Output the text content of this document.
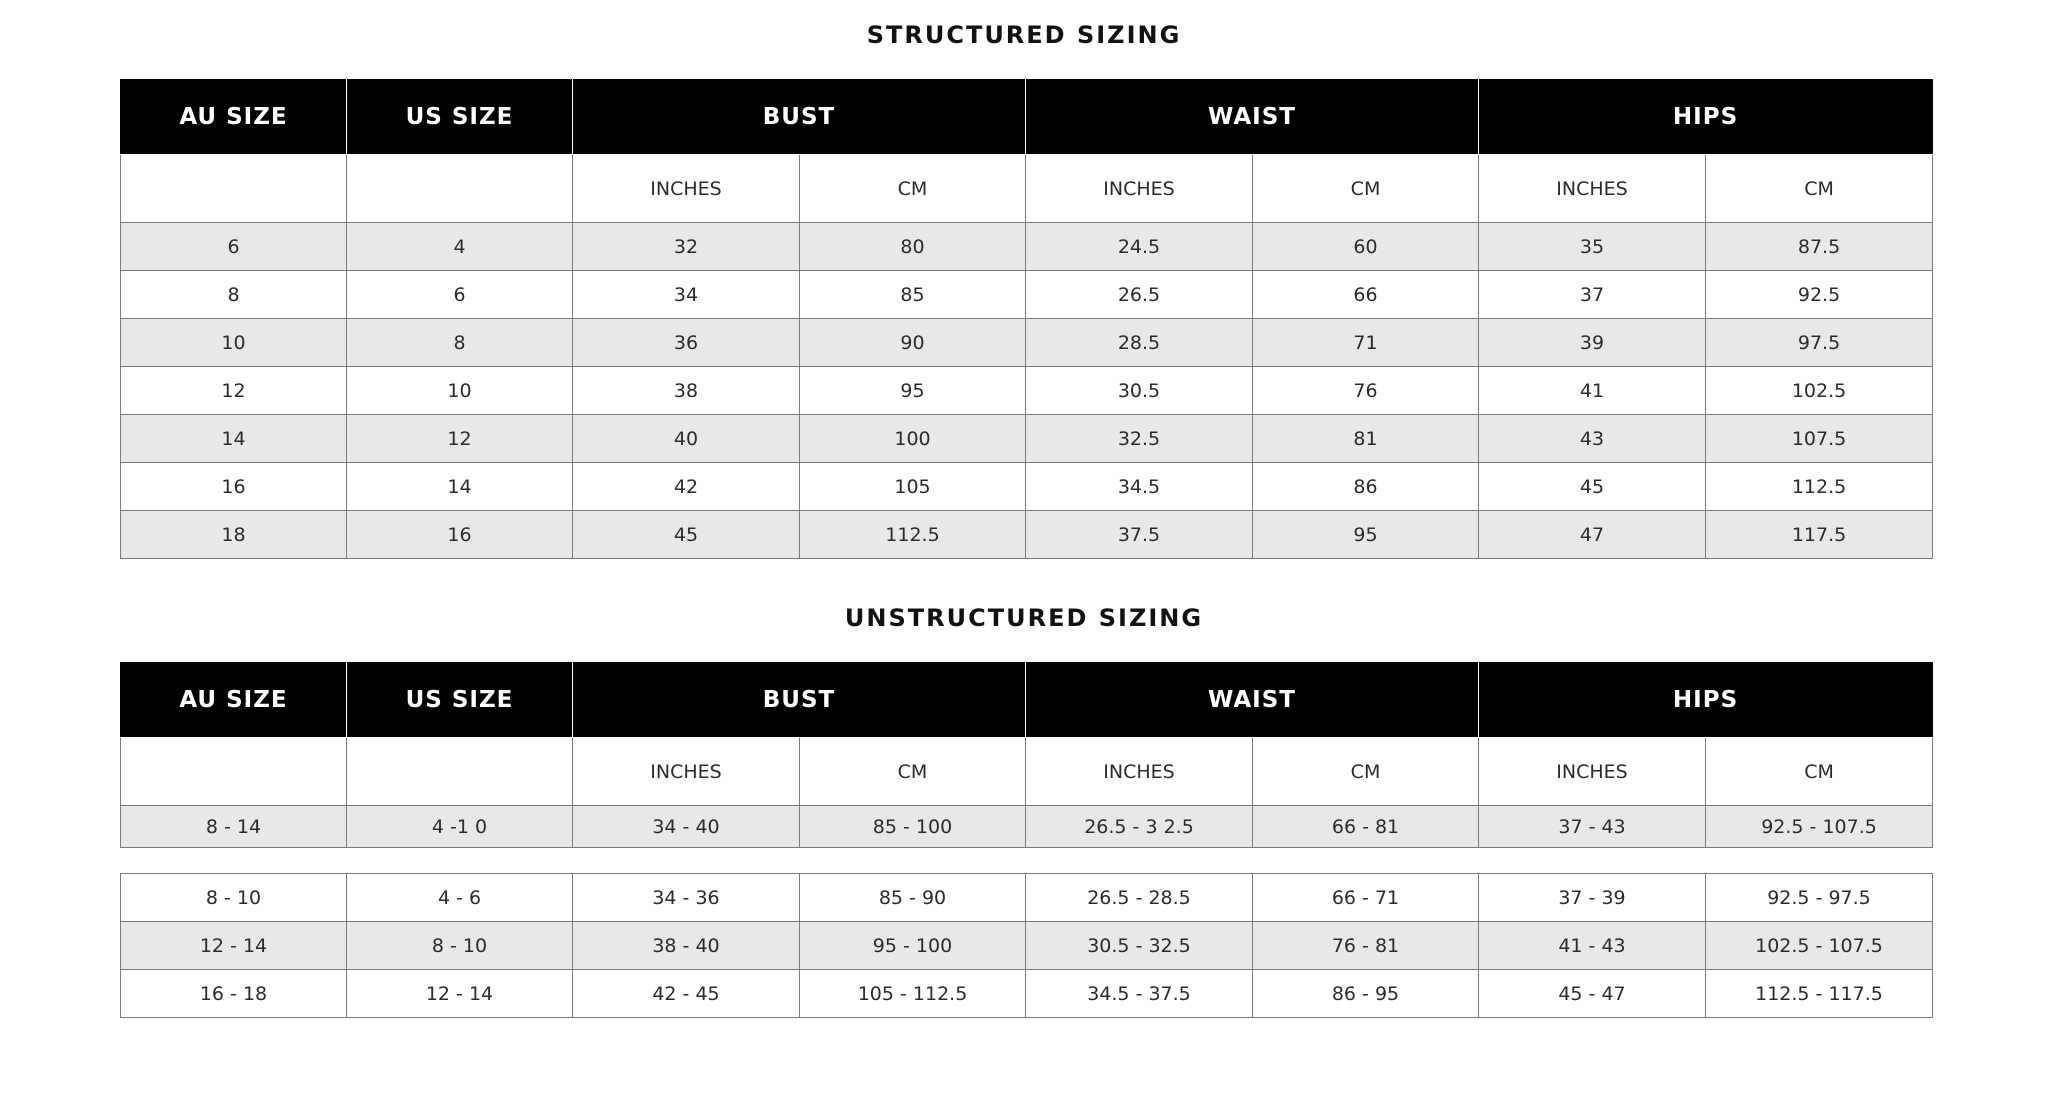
STRUCTURED SIZING
AU SIZE	US SIZE	BUST		WAIST		HIPS	
		INCHES	CM	INCHES	CM	INCHES	CM
6	4	32	80	24.5	60	35	87.5
8	6	34	85	26.5	66	37	92.5
10	8	36	90	28.5	71	39	97.5
12	10	38	95	30.5	76	41	102.5
14	12	40	100	32.5	81	43	107.5
16	14	42	105	34.5	86	45	112.5
18	16	45	112.5	37.5	95	47	117.5
UNSTRUCTURED SIZING
AU SIZE	US SIZE	BUST		WAIST		HIPS	
		INCHES	CM	INCHES	CM	INCHES	CM
8 - 14	4 -1 0	34 - 40	85 - 100	26.5 - 3 2.5	66 - 81	37 - 43	92.5 - 107.5
8 - 10	4 - 6	34 - 36	85 - 90	26.5 - 28.5	66 - 71	37 - 39	92.5 - 97.5
12 - 14	8 - 10	38 - 40	95 - 100	30.5 - 32.5	76 - 81	41 - 43	102.5 - 107.5
16 - 18	12 - 14	42 - 45	105 - 112.5	34.5 - 37.5	86 - 95	45 - 47	112.5 - 117.5
